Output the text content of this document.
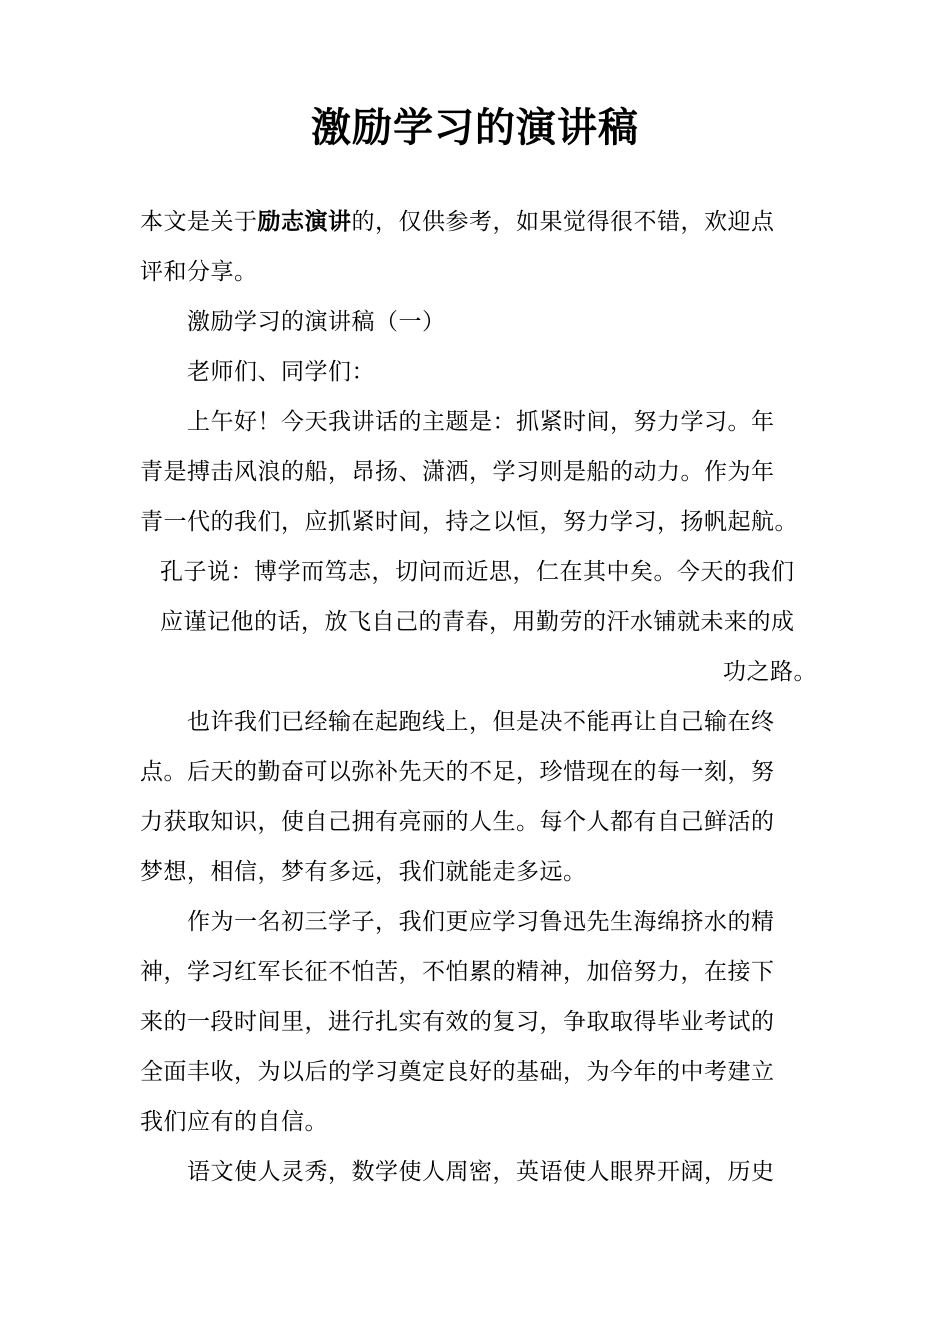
激励学习的演讲稿
本文是关于励志演讲的，仅供参考，如果觉得很不错，欢迎点
评和分享。
激励学习的演讲稿（一）
老师们、同学们：
上午好！今天我讲话的主题是：抓紧时间，努力学习。年
青是搏击风浪的船，昂扬、潇洒，学习则是船的动力。作为年
青一代的我们，应抓紧时间，持之以恒，努力学习，扬帆起航。
孔子说：博学而笃志，切问而近思，仁在其中矣。今天的我们
应谨记他的话，放飞自己的青春，用勤劳的汗水铺就未来的成
功之路。
也许我们已经输在起跑线上，但是决不能再让自己输在终
点。后天的勤奋可以弥补先天的不足，珍惜现在的每一刻，努
力获取知识，使自己拥有亮丽的人生。每个人都有自己鲜活的
梦想，相信，梦有多远，我们就能走多远。
作为一名初三学子，我们更应学习鲁迅先生海绵挤水的精
神，学习红军长征不怕苦，不怕累的精神，加倍努力，在接下
来的一段时间里，进行扎实有效的复习，争取取得毕业考试的
全面丰收，为以后的学习奠定良好的基础，为今年的中考建立
我们应有的自信。
语文使人灵秀，数学使人周密，英语使人眼界开阔，历史
